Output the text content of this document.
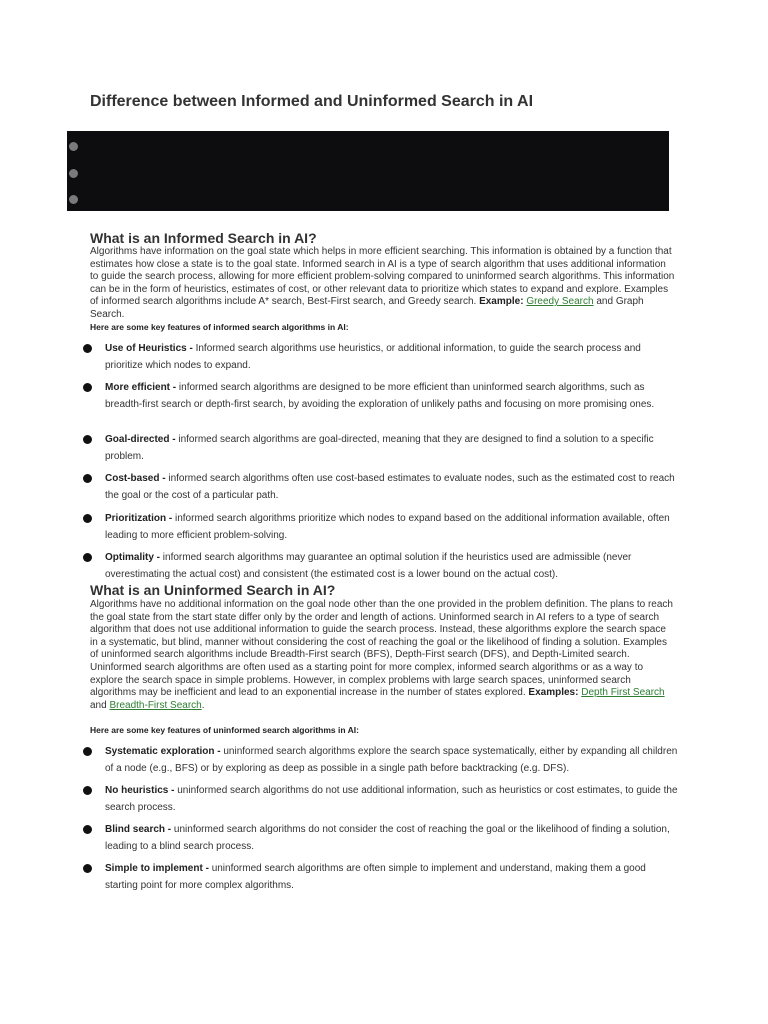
Difference between Informed and Uninformed Search in AI
What is an Informed Search in AI?

Algorithms have information on the goal state which helps in more efficient searching. This information is obtained by a function that estimates how close a state is to the goal state. Informed search in AI is a type of search algorithm that uses additional information to guide the search process, allowing for more efficient problem-solving compared to uninformed search algorithms. This information can be in the form of heuristics, estimates of cost, or other relevant data to prioritize which states to expand and explore. Examples of informed search algorithms include A* search, Best-First search, and Greedy search. Example: Greedy Search and Graph Search.

Here are some key features of informed search algorithms in AI:

Use of Heuristics - Informed search algorithms use heuristics, or additional information, to guide the search process and prioritize which nodes to expand.

More efficient - informed search algorithms are designed to be more efficient than uninformed search algorithms, such as breadth-first search or depth-first search, by avoiding the exploration of unlikely paths and focusing on more promising ones.

Goal-directed - informed search algorithms are goal-directed, meaning that they are designed to find a solution to a specific problem.

Cost-based - informed search algorithms often use cost-based estimates to evaluate nodes, such as the estimated cost to reach the goal or the cost of a particular path.

Prioritization - informed search algorithms prioritize which nodes to expand based on the additional information available, often leading to more efficient problem-solving.

Optimality - informed search algorithms may guarantee an optimal solution if the heuristics used are admissible (never overestimating the actual cost) and consistent (the estimated cost is a lower bound on the actual cost).

What is an Uninformed Search in AI?

Algorithms have no additional information on the goal node other than the one provided in the problem definition. The plans to reach the goal state from the start state differ only by the order and length of actions. Uninformed search in AI refers to a type of search algorithm that does not use additional information to guide the search process. Instead, these algorithms explore the search space in a systematic, but blind, manner without considering the cost of reaching the goal or the likelihood of finding a solution. Examples of uninformed search algorithms include Breadth-First search (BFS), Depth-First search (DFS), and Depth-Limited search.
Uninformed search algorithms are often used as a starting point for more complex, informed search algorithms or as a way to explore the search space in simple problems. However, in complex problems with large search spaces, uninformed search algorithms may be inefficient and lead to an exponential increase in the number of states explored. Examples: Depth First Search and Breadth-First Search.

Here are some key features of uninformed search algorithms in AI:

Systematic exploration - uninformed search algorithms explore the search space systematically, either by expanding all children of a node (e.g., BFS) or by exploring as deep as possible in a single path before backtracking (e.g. DFS).

No heuristics - uninformed search algorithms do not use additional information, such as heuristics or cost estimates, to guide the search process.

Blind search - uninformed search algorithms do not consider the cost of reaching the goal or the likelihood of finding a solution, leading to a blind search process.

Simple to implement - uninformed search algorithms are often simple to implement and understand, making them a good starting point for more complex algorithms.
